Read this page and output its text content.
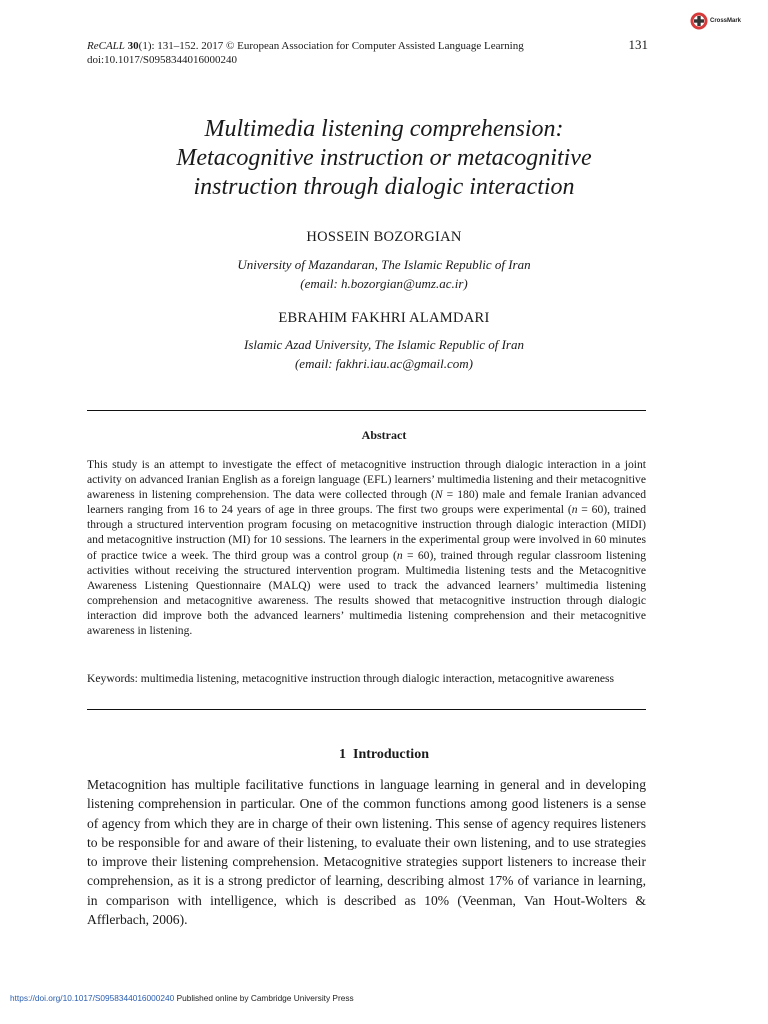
ReCALL 30(1): 131–152. 2017 © European Association for Computer Assisted Language Learning
doi:10.1017/S0958344016000240
131
CrossMark
Multimedia listening comprehension:
Metacognitive instruction or metacognitive
instruction through dialogic interaction
HOSSEIN BOZORGIAN
University of Mazandaran, The Islamic Republic of Iran
(email: h.bozorgian@umz.ac.ir)
EBRAHIM FAKHRI ALAMDARI
Islamic Azad University, The Islamic Republic of Iran
(email: fakhri.iau.ac@gmail.com)
Abstract
This study is an attempt to investigate the effect of metacognitive instruction through dialogic interaction in a joint activity on advanced Iranian English as a foreign language (EFL) learners’ multimedia listening and their metacognitive awareness in listening comprehension. The data were collected through (N = 180) male and female Iranian advanced learners ranging from 16 to 24 years of age in three groups. The first two groups were experimental (n = 60), trained through a structured intervention program focusing on metacognitive instruction through dialogic interaction (MIDI) and metacognitive instruction (MI) for 10 sessions. The learners in the experimental group were involved in 60 minutes of practice twice a week. The third group was a control group (n = 60), trained through regular classroom listening activities without receiving the structured intervention program. Multimedia listening tests and the Metacognitive Awareness Listening Questionnaire (MALQ) were used to track the advanced learners’ multimedia listening comprehension and metacognitive awareness. The results showed that metacognitive instruction through dialogic interaction did improve both the advanced learners’ multimedia listening comprehension and their metacognitive awareness in listening.
Keywords: multimedia listening, metacognitive instruction through dialogic interaction, metacognitive awareness
1 Introduction
Metacognition has multiple facilitative functions in language learning in general and in developing listening comprehension in particular. One of the common functions among good listeners is a sense of agency from which they are in charge of their own listening. This sense of agency requires listeners to be responsible for and aware of their listening, to evaluate their own listening, and to use strategies to improve their listening comprehension. Metacognitive strategies support listeners to increase their comprehension, as it is a strong predictor of learning, describing almost 17% of variance in learning, in comparison with intelligence, which is described as 10% (Veenman, Van Hout-Wolters & Afflerbach, 2006).
https://doi.org/10.1017/S0958344016000240 Published online by Cambridge University Press
